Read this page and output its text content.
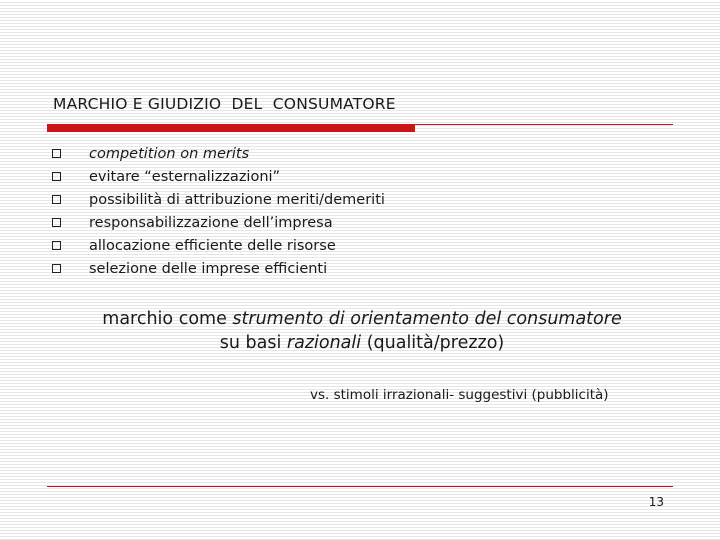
MARCHIO E GIUDIZIO  DEL  CONSUMATORE
competition on merits
evitare “esternalizzazioni”
possibilità di attribuzione meriti/demeriti
responsabilizzazione dell’impresa
allocazione efficiente delle risorse
selezione delle imprese efficienti
marchio come strumento di orientamento del consumatore
su basi razionali (qualità/prezzo)
vs. stimoli irrazionali- suggestivi (pubblicità)
13
